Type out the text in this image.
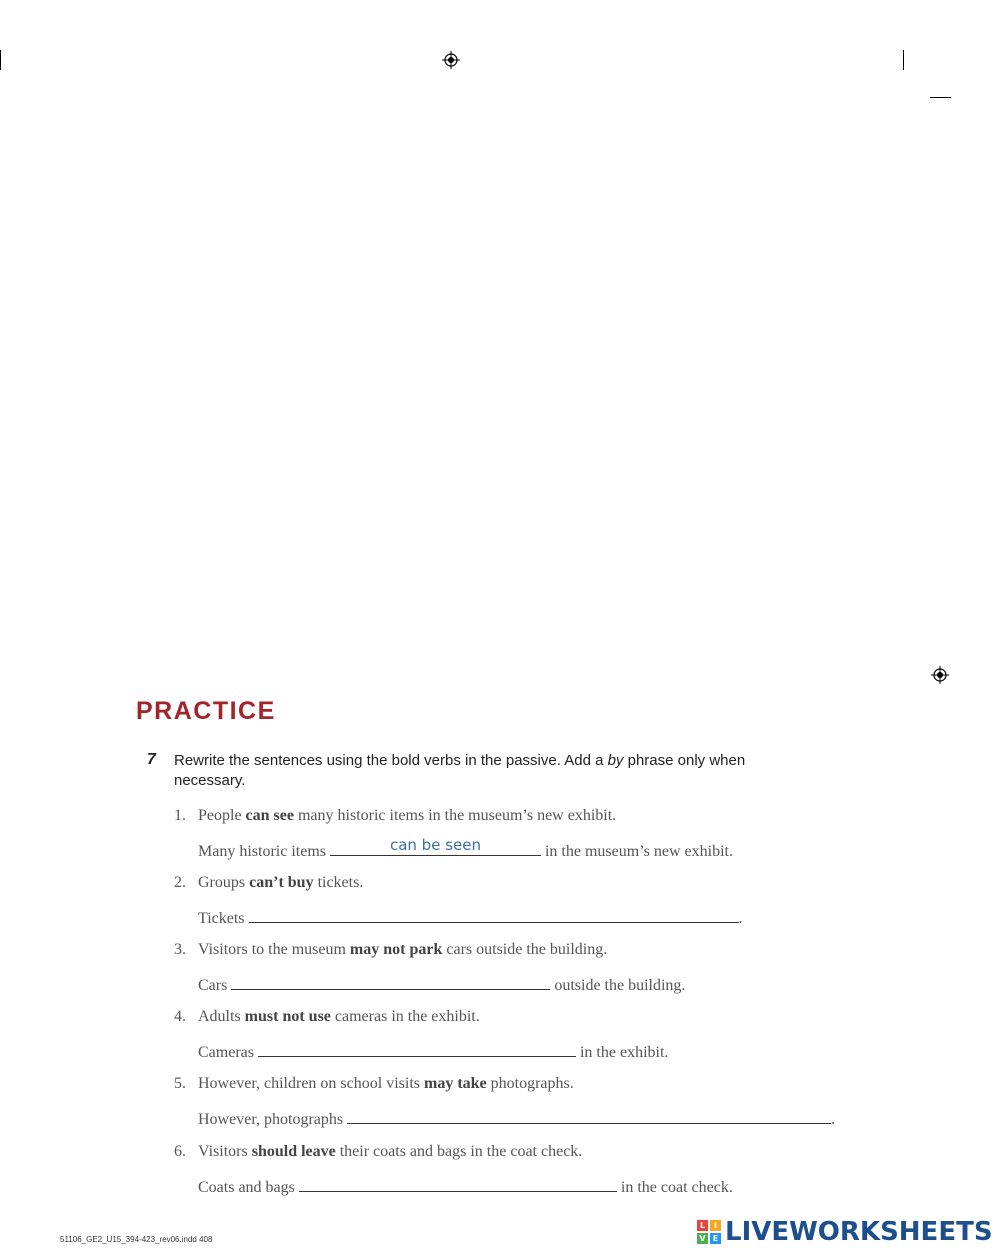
PRACTICE
7 Rewrite the sentences using the bold verbs in the passive. Add a by phrase only when necessary.
1. People can see many historic items in the museum’s new exhibit.
Many historic items
can be seen	in the museum’s new exhibit.
2. Groups can’t buy tickets.
Tickets	.
3. Visitors to the museum may not park cars outside the building.
Cars	outside the building.
4. Adults must not use cameras in the exhibit.
Cameras	in the exhibit.
5. However, children on school visits may take photographs.
However, photographs	.
6. Visitors should leave their coats and bags in the coat check.
Coats and bags	in the coat check.
51106_GE2_U15_394-423_rev06.indd 408
L	I
V E LIVEWORKSHEETS
